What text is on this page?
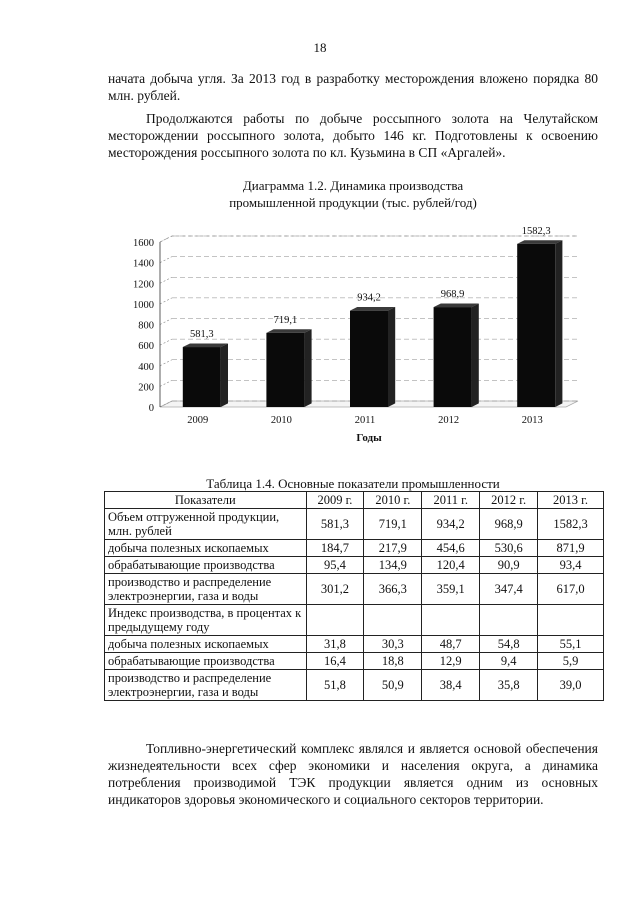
18

начата добыча угля. За 2013 год в разработку месторождения вложено порядка 80 млн. рублей.

Продолжаются работы по добыче россыпного золота на Челутайском месторождении россыпного золота, добыто 146 кг. Подготовлены к освоению месторождения россыпного золота по кл. Кузьмина в СП «Аргалей».

Диаграмма 1.2. Динамика производства
промышленной продукции (тыс. рублей/год)
0
200
400
600
800
1000
1200
1400
1600
581,3
2009
719,1
2010
934,2
2011
968,9
2012
1582,3
2013
Годы
Таблица 1.4. Основные показатели промышленности
Показатели	2009 г.	2010 г.	2011 г.	2012 г.	2013 г.
Объем отгруженной продукции, млн. рублей	581,3	719,1	934,2	968,9	1582,3
добыча полезных ископаемых	184,7	217,9	454,6	530,6	871,9
обрабатывающие производства	95,4	134,9	120,4	90,9	93,4
производство и распределение электроэнергии, газа и воды	301,2	366,3	359,1	347,4	617,0
Индекс производства, в процентах к предыдущему году					
добыча полезных ископаемых	31,8	30,3	48,7	54,8	55,1
обрабатывающие производства	16,4	18,8	12,9	9,4	5,9
производство и распределение электроэнергии, газа и воды	51,8	50,9	38,4	35,8	39,0

Топливно-энергетический комплекс являлся и является основой обеспечения жизнедеятельности всех сфер экономики и населения округа, а динамика потребления производимой ТЭК продукции является одним из основных индикаторов здоровья экономического и социального секторов территории.
